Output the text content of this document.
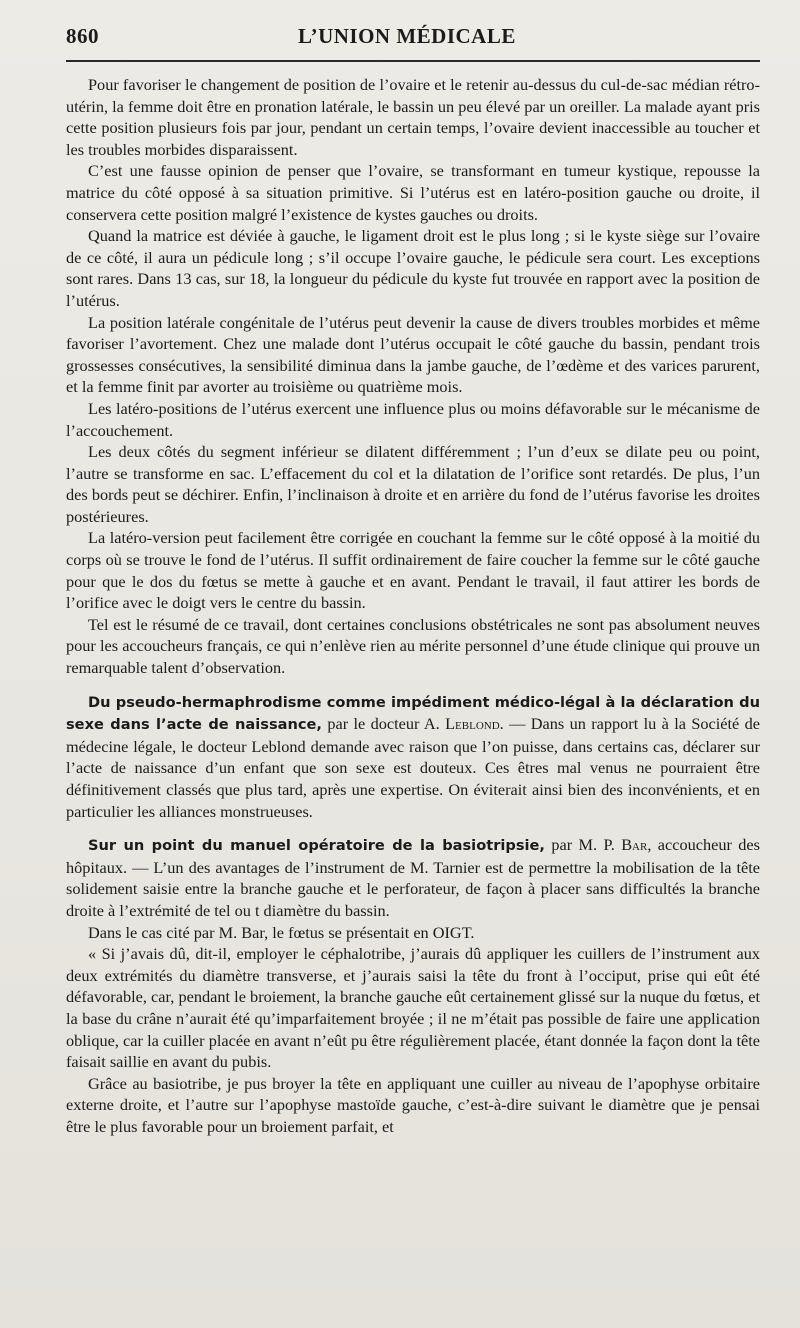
860	L’UNION MÉDICALE

Pour favoriser le changement de position de l’ovaire et le retenir au-dessus du cul-de-sac médian rétro-utérin, la femme doit être en pronation latérale, le bassin un peu élevé par un oreiller. La malade ayant pris cette position plusieurs fois par jour, pendant un certain temps, l’ovaire devient inaccessible au toucher et les troubles morbides disparaissent.

C’est une fausse opinion de penser que l’ovaire, se transformant en tumeur kystique, repousse la matrice du côté opposé à sa situation primitive. Si l’utérus est en latéro-position gauche ou droite, il conservera cette position malgré l’existence de kystes gauches ou droits.

Quand la matrice est déviée à gauche, le ligament droit est le plus long ; si le kyste siège sur l’ovaire de ce côté, il aura un pédicule long ; s’il occupe l’ovaire gauche, le pédicule sera court. Les exceptions sont rares. Dans 13 cas, sur 18, la longueur du pédicule du kyste fut trouvée en rapport avec la position de l’utérus.

La position latérale congénitale de l’utérus peut devenir la cause de divers troubles morbides et même favoriser l’avortement. Chez une malade dont l’utérus occupait le côté gauche du bassin, pendant trois grossesses consécutives, la sensibilité diminua dans la jambe gauche, de l’œdème et des varices parurent, et la femme finit par avorter au troisième ou quatrième mois.

Les latéro-positions de l’utérus exercent une influence plus ou moins défavorable sur le mécanisme de l’accouchement.

Les deux côtés du segment inférieur se dilatent différemment ; l’un d’eux se dilate peu ou point, l’autre se transforme en sac. L’effacement du col et la dilatation de l’orifice sont retardés. De plus, l’un des bords peut se déchirer. Enfin, l’inclinaison à droite et en arrière du fond de l’utérus favorise les droites postérieures.

La latéro-version peut facilement être corrigée en couchant la femme sur le côté opposé à la moitié du corps où se trouve le fond de l’utérus. Il suffit ordinairement de faire coucher la femme sur le côté gauche pour que le dos du fœtus se mette à gauche et en avant. Pendant le travail, il faut attirer les bords de l’orifice avec le doigt vers le centre du bassin.

Tel est le résumé de ce travail, dont certaines conclusions obstétricales ne sont pas absolument neuves pour les accoucheurs français, ce qui n’enlève rien au mérite personnel d’une étude clinique qui prouve un remarquable talent d’observation.

Du pseudo-hermaphrodisme comme impédiment médico-légal à la déclaration du sexe dans l’acte de naissance, par le docteur A. Leblond. — Dans un rapport lu à la Société de médecine légale, le docteur Leblond demande avec raison que l’on puisse, dans certains cas, déclarer sur l’acte de naissance d’un enfant que son sexe est douteux. Ces êtres mal venus ne pourraient être définitivement classés que plus tard, après une expertise. On éviterait ainsi bien des inconvénients, et en particulier les alliances monstrueuses.

Sur un point du manuel opératoire de la basiotripsie, par M. P. Bar, accoucheur des hôpitaux. — L’un des avantages de l’instrument de M. Tarnier est de permettre la mobilisation de la tête solidement saisie entre la branche gauche et le perforateur, de façon à placer sans difficultés la branche droite à l’extrémité de tel ou t diamètre du bassin.

Dans le cas cité par M. Bar, le fœtus se présentait en OIGT.

« Si j’avais dû, dit-il, employer le céphalotribe, j’aurais dû appliquer les cuillers de l’instrument aux deux extrémités du diamètre transverse, et j’aurais saisi la tête du front à l’occiput, prise qui eût été défavorable, car, pendant le broiement, la branche gauche eût certainement glissé sur la nuque du fœtus, et la base du crâne n’aurait été qu’imparfaitement broyée ; il ne m’était pas possible de faire une application oblique, car la cuiller placée en avant n’eût pu être régulièrement placée, étant donnée la façon dont la tête faisait saillie en avant du pubis.

Grâce au basiotribe, je pus broyer la tête en appliquant une cuiller au niveau de l’apophyse orbitaire externe droite, et l’autre sur l’apophyse mastoïde gauche, c’est-à-dire suivant le diamètre que je pensai être le plus favorable pour un broiement parfait, et
